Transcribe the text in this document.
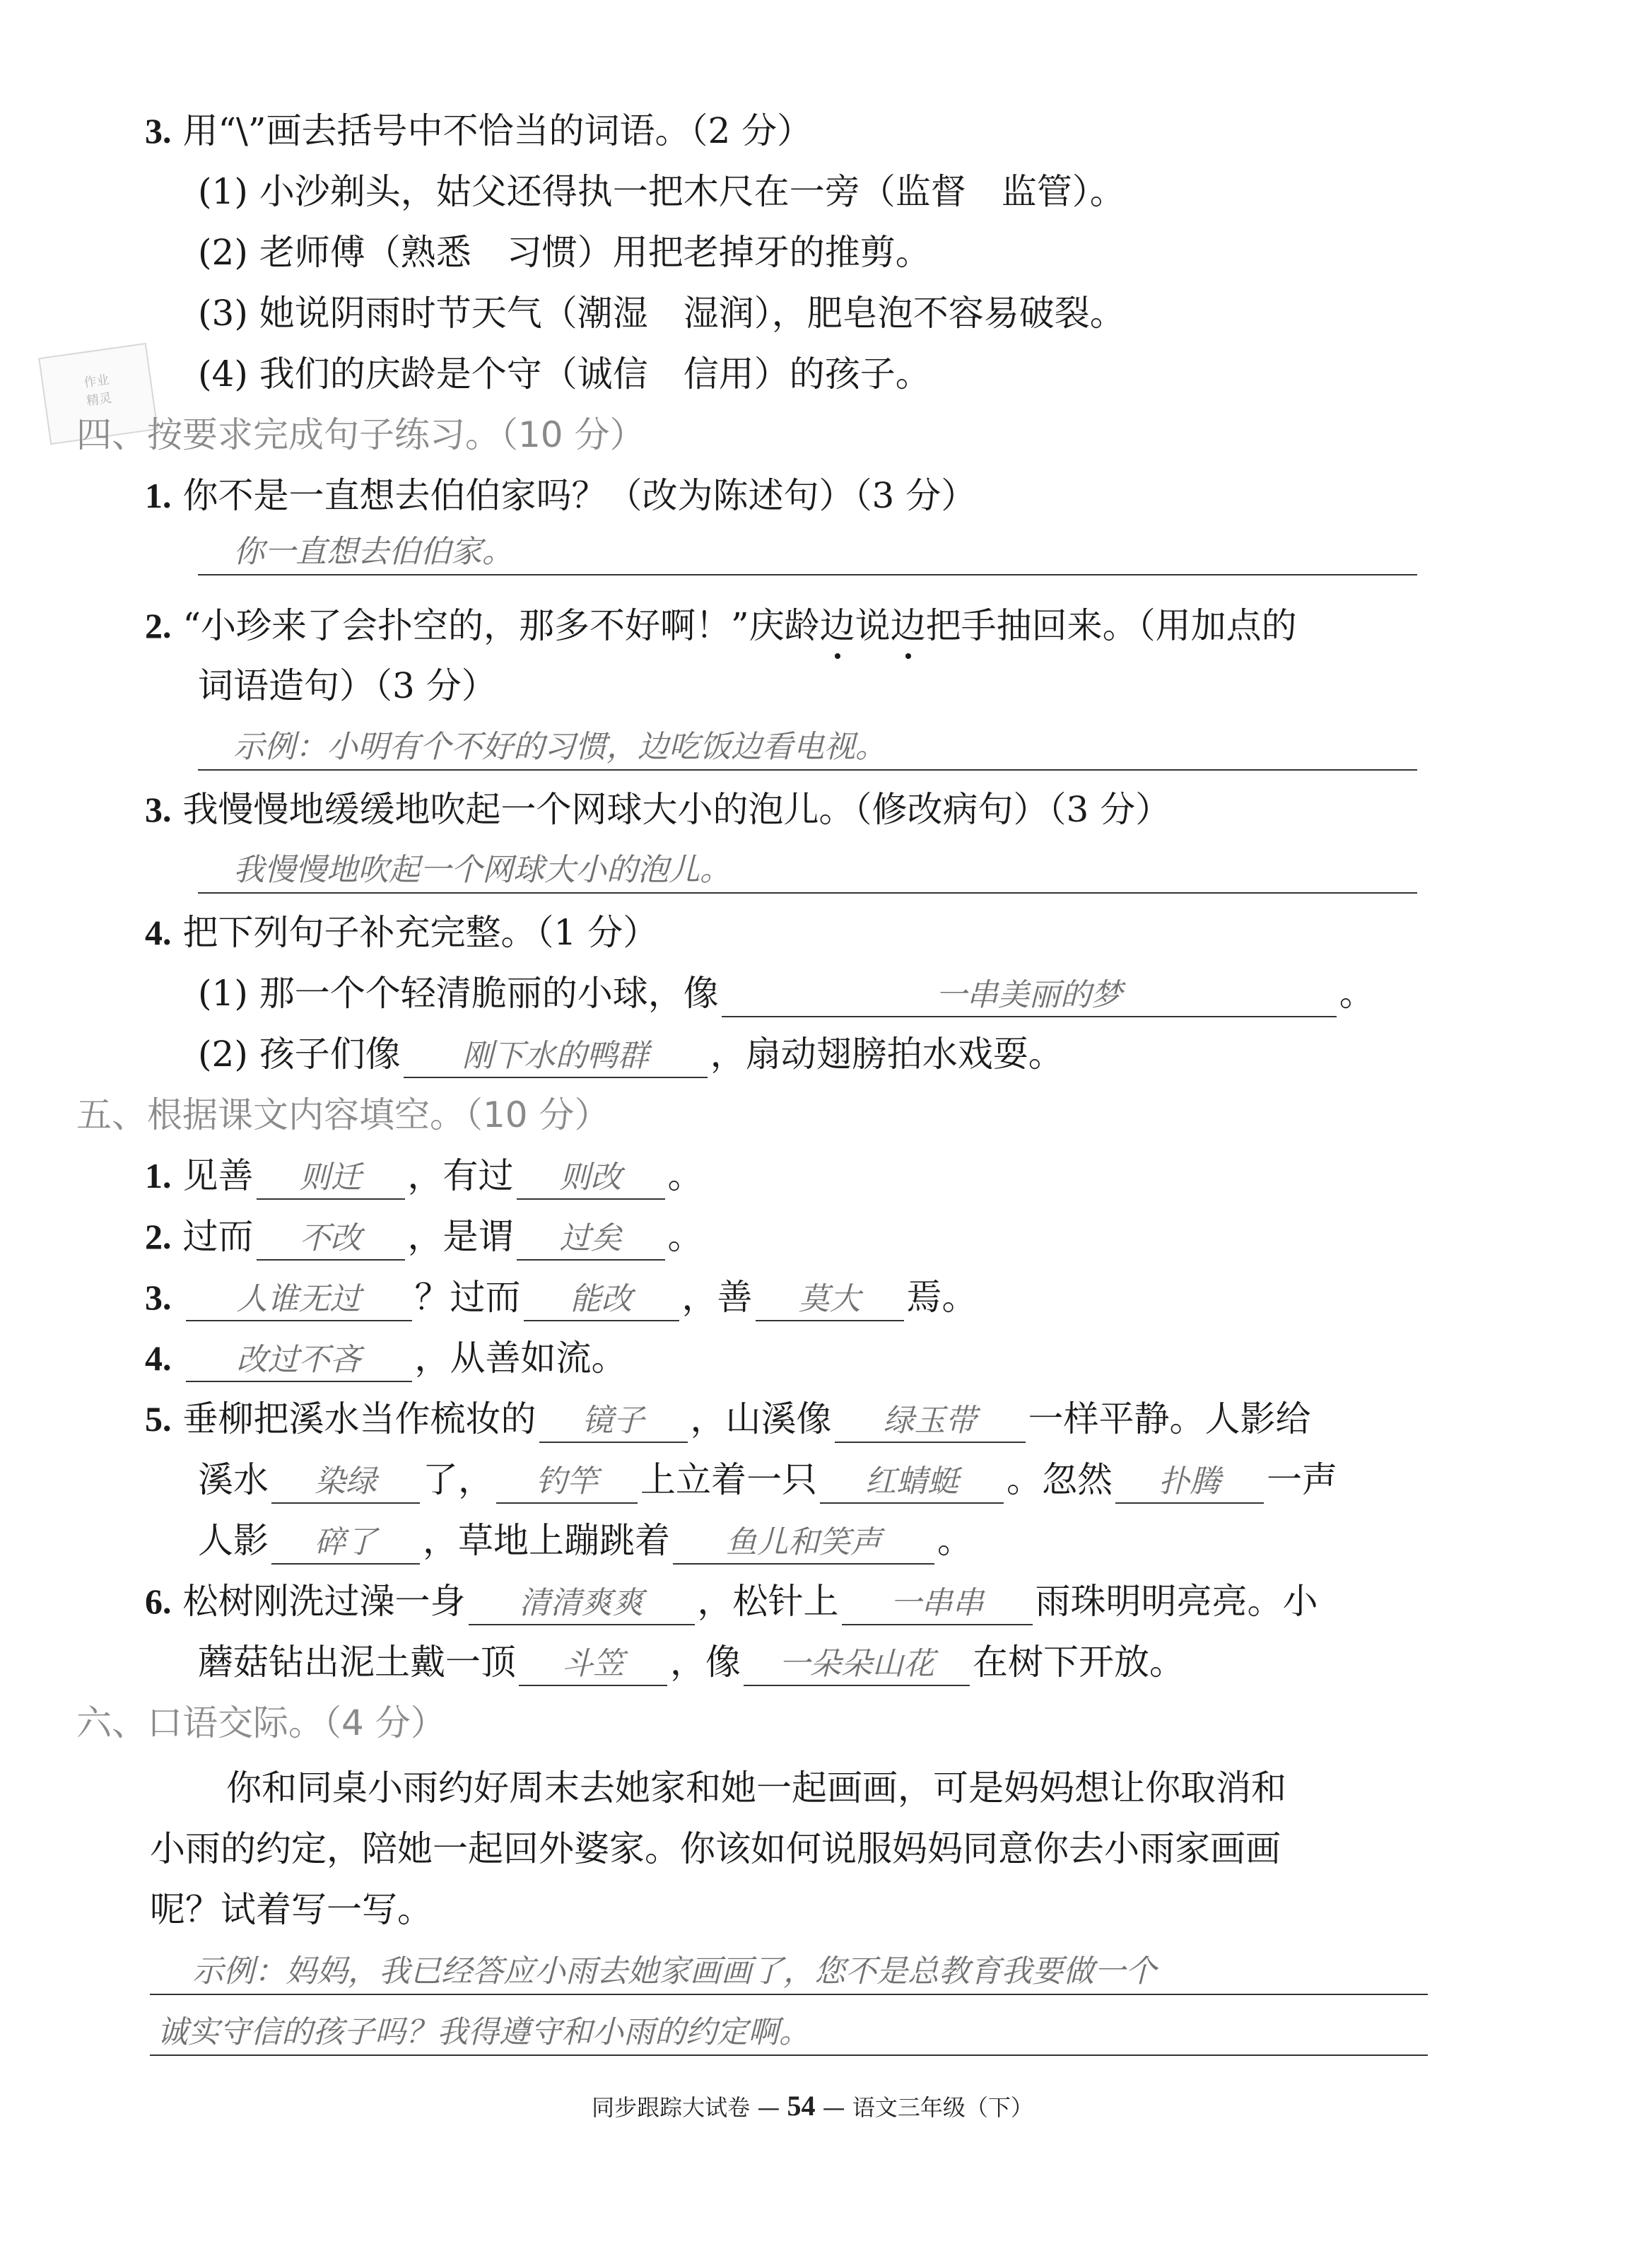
3. 用“\”画去括号中不恰当的词语。（2 分）
(1) 小沙剃头，姑父还得执一把木尺在一旁（监督　监管）。
(2) 老师傅（熟悉　习惯）用把老掉牙的推剪。
(3) 她说阴雨时节天气（潮湿　湿润），肥皂泡不容易破裂。
(4) 我们的庆龄是个守（诚信　信用）的孩子。
作业
精灵
四、按要求完成句子练习。（10 分）
1. 你不是一直想去伯伯家吗？（改为陈述句）（3 分）
你一直想去伯伯家。
2. “小珍来了会扑空的，那多不好啊！”庆龄边说边把手抽回来。（用加点的
词语造句）（3 分）
示例：小明有个不好的习惯，边吃饭边看电视。
3. 我慢慢地缓缓地吹起一个网球大小的泡儿。（修改病句）（3 分）
我慢慢地吹起一个网球大小的泡儿。
4. 把下列句子补充完整。（1 分）
(1) 那一个个轻清脆丽的小球，像	一串美丽的梦	。
(2) 孩子们像 刚下水的鸭群 ，扇动翅膀拍水戏耍。
五、根据课文内容填空。（10 分）
1. 见善 则迁 ，有过 则改 。
2. 过而 不改 ，是谓 过矣 。
3. 人谁无过 ？过而 能改 ，善 莫大 焉。
4. 改过不吝 ，从善如流。
5. 垂柳把溪水当作梳妆的 镜子 ，山溪像 绿玉带 一样平静。人影给
溪水 染绿 了， 钓竿 上立着一只 红蜻蜓 。忽然 扑腾 一声
人影 碎了 ，草地上蹦跳着 鱼儿和笑声 。
6. 松树刚洗过澡一身 清清爽爽 ，松针上 一串串 雨珠明明亮亮。小
蘑菇钻出泥土戴一顶 斗笠 ，像 一朵朵山花 在树下开放。
六、口语交际。（4 分）
你和同桌小雨约好周末去她家和她一起画画，可是妈妈想让你取消和
小雨的约定，陪她一起回外婆家。你该如何说服妈妈同意你去小雨家画画
呢？试着写一写。
示例：妈妈，我已经答应小雨去她家画画了，您不是总教育我要做一个
诚实守信的孩子吗？我得遵守和小雨的约定啊。
同步跟踪大试卷 — 54 — 语文三年级（下）
